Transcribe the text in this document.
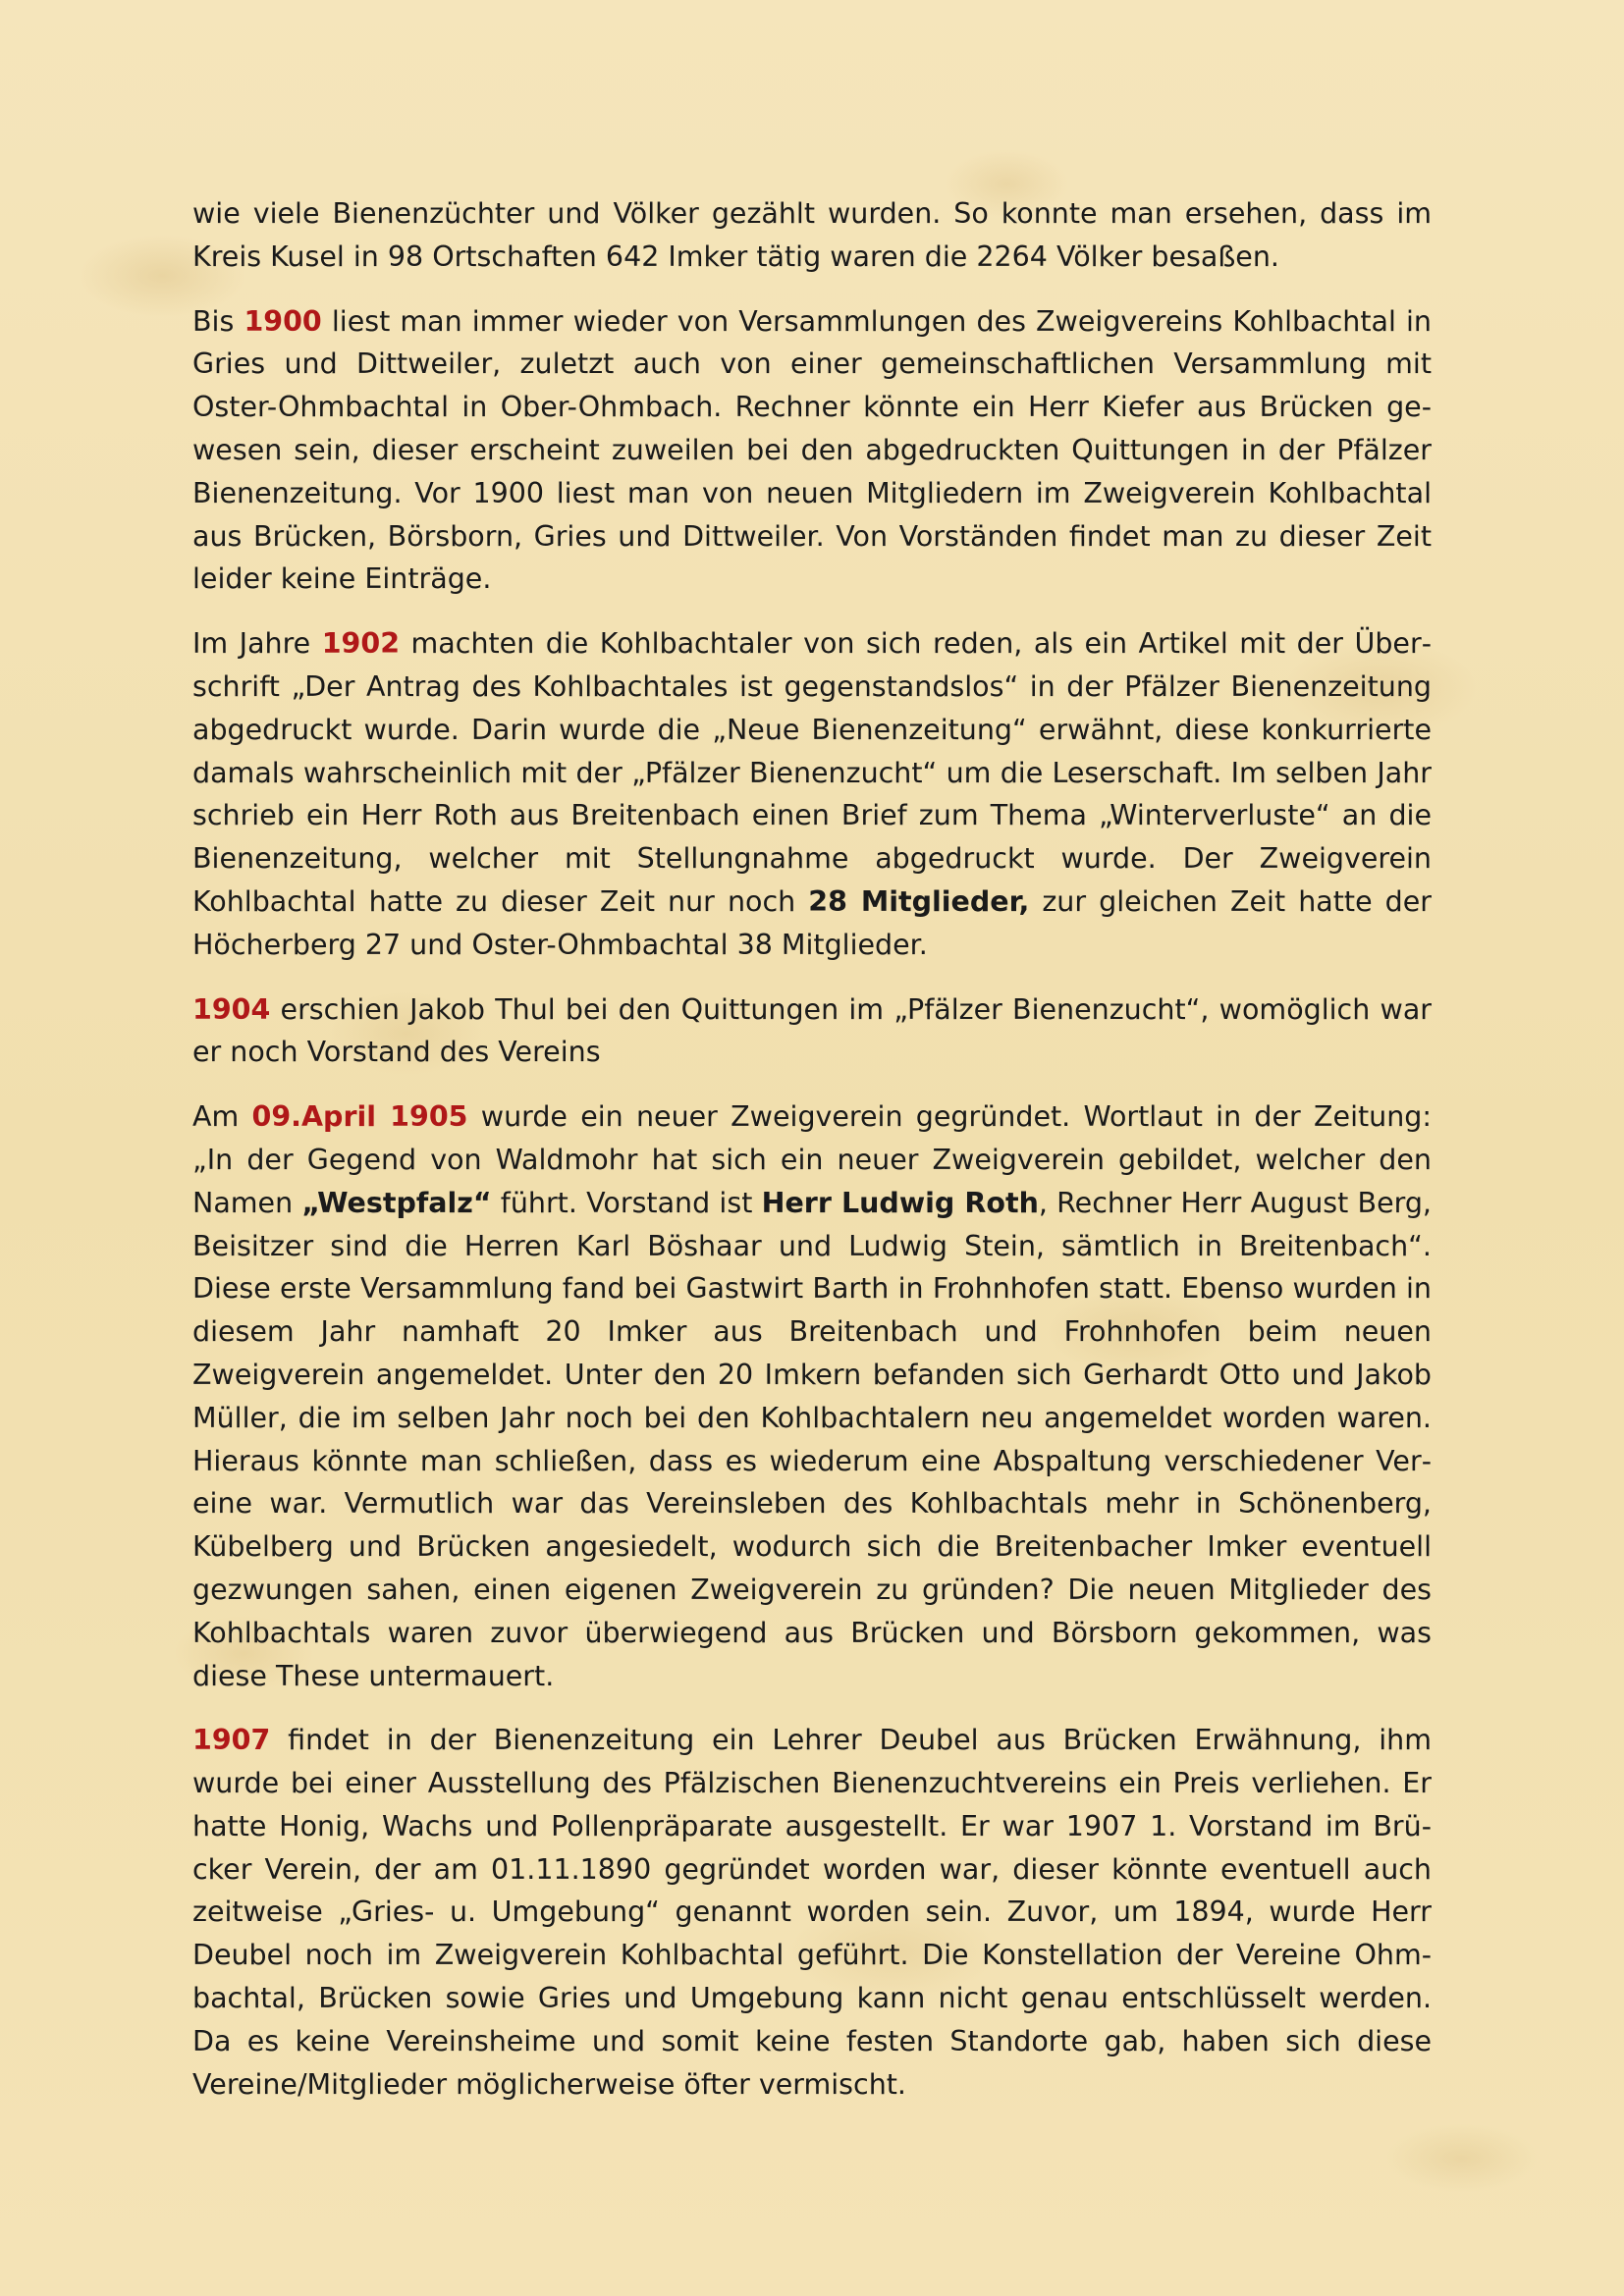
wie viele Bienenzüchter und Völker gezählt wurden. So konnte man ersehen, dass im Kreis Kusel in 98 Ortschaften 642 Imker tätig waren die 2264 Völker besaßen.

Bis 1900 liest man immer wieder von Versammlungen des Zweigvereins Kohlbachtal in Gries und Dittweiler, zuletzt auch von einer gemeinschaftlichen Versammlung mit Oster-Ohmbachtal in Ober-Ohmbach. Rechner könnte ein Herr Kiefer aus Brücken gewesen sein, dieser erscheint zuweilen bei den abgedruckten Quittungen in der Pfälzer Bienenzeitung. Vor 1900 liest man von neuen Mitgliedern im Zweigverein Kohlbachtal aus Brücken, Börsborn, Gries und Dittweiler. Von Vorständen findet man zu dieser Zeit leider keine Einträge.

Im Jahre 1902 machten die Kohlbachtaler von sich reden, als ein Artikel mit der Überschrift „Der Antrag des Kohlbachtales ist gegenstandslos“ in der Pfälzer Bienenzeitung abgedruckt wurde. Darin wurde die „Neue Bienenzeitung“ erwähnt, diese konkurrierte damals wahrscheinlich mit der „Pfälzer Bienenzucht“ um die Leserschaft. Im selben Jahr schrieb ein Herr Roth aus Breitenbach einen Brief zum Thema „Winterverluste“ an die Bienenzeitung, welcher mit Stellungnahme abgedruckt wurde. Der Zweigverein Kohlbachtal hatte zu dieser Zeit nur noch 28 Mitglieder, zur gleichen Zeit hatte der Höcherberg 27 und Oster-Ohmbachtal 38 Mitglieder.

1904 erschien Jakob Thul bei den Quittungen im „Pfälzer Bienenzucht“, womöglich war er noch Vorstand des Vereins

Am 09.April 1905 wurde ein neuer Zweigverein gegründet. Wortlaut in der Zeitung: „In der Gegend von Waldmohr hat sich ein neuer Zweigverein gebildet, welcher den Namen „Westpfalz“ führt. Vorstand ist Herr Ludwig Roth, Rechner Herr August Berg, Beisitzer sind die Herren Karl Böshaar und Ludwig Stein, sämtlich in Breitenbach“. Diese erste Versammlung fand bei Gastwirt Barth in Frohnhofen statt. Ebenso wurden in diesem Jahr namhaft 20 Imker aus Breitenbach und Frohnhofen beim neuen Zweigverein angemeldet. Unter den 20 Imkern befanden sich Gerhardt Otto und Jakob Müller, die im selben Jahr noch bei den Kohlbachtalern neu angemeldet worden waren. Hieraus könnte man schließen, dass es wiederum eine Abspaltung verschiedener Vereine war. Vermutlich war das Vereinsleben des Kohlbachtals mehr in Schönenberg, Kübelberg und Brücken angesiedelt, wodurch sich die Breitenbacher Imker eventuell gezwungen sahen, einen eigenen Zweigverein zu gründen? Die neuen Mitglieder des Kohlbachtals waren zuvor überwiegend aus Brücken und Börsborn gekommen, was diese These untermauert.

1907 findet in der Bienenzeitung ein Lehrer Deubel aus Brücken Erwähnung, ihm wurde bei einer Ausstellung des Pfälzischen Bienenzuchtvereins ein Preis verliehen. Er hatte Honig, Wachs und Pollenpräparate ausgestellt. Er war 1907 1. Vorstand im Brücker Verein, der am 01.11.1890 gegründet worden war, dieser könnte eventuell auch zeitweise „Gries- u. Umgebung“ genannt worden sein. Zuvor, um 1894, wurde Herr Deubel noch im Zweigverein Kohlbachtal geführt. Die Konstellation der Vereine Ohmbachtal, Brücken sowie Gries und Umgebung kann nicht genau entschlüsselt werden. Da es keine Vereinsheime und somit keine festen Standorte gab, haben sich diese Vereine/Mitglieder möglicherweise öfter vermischt.
